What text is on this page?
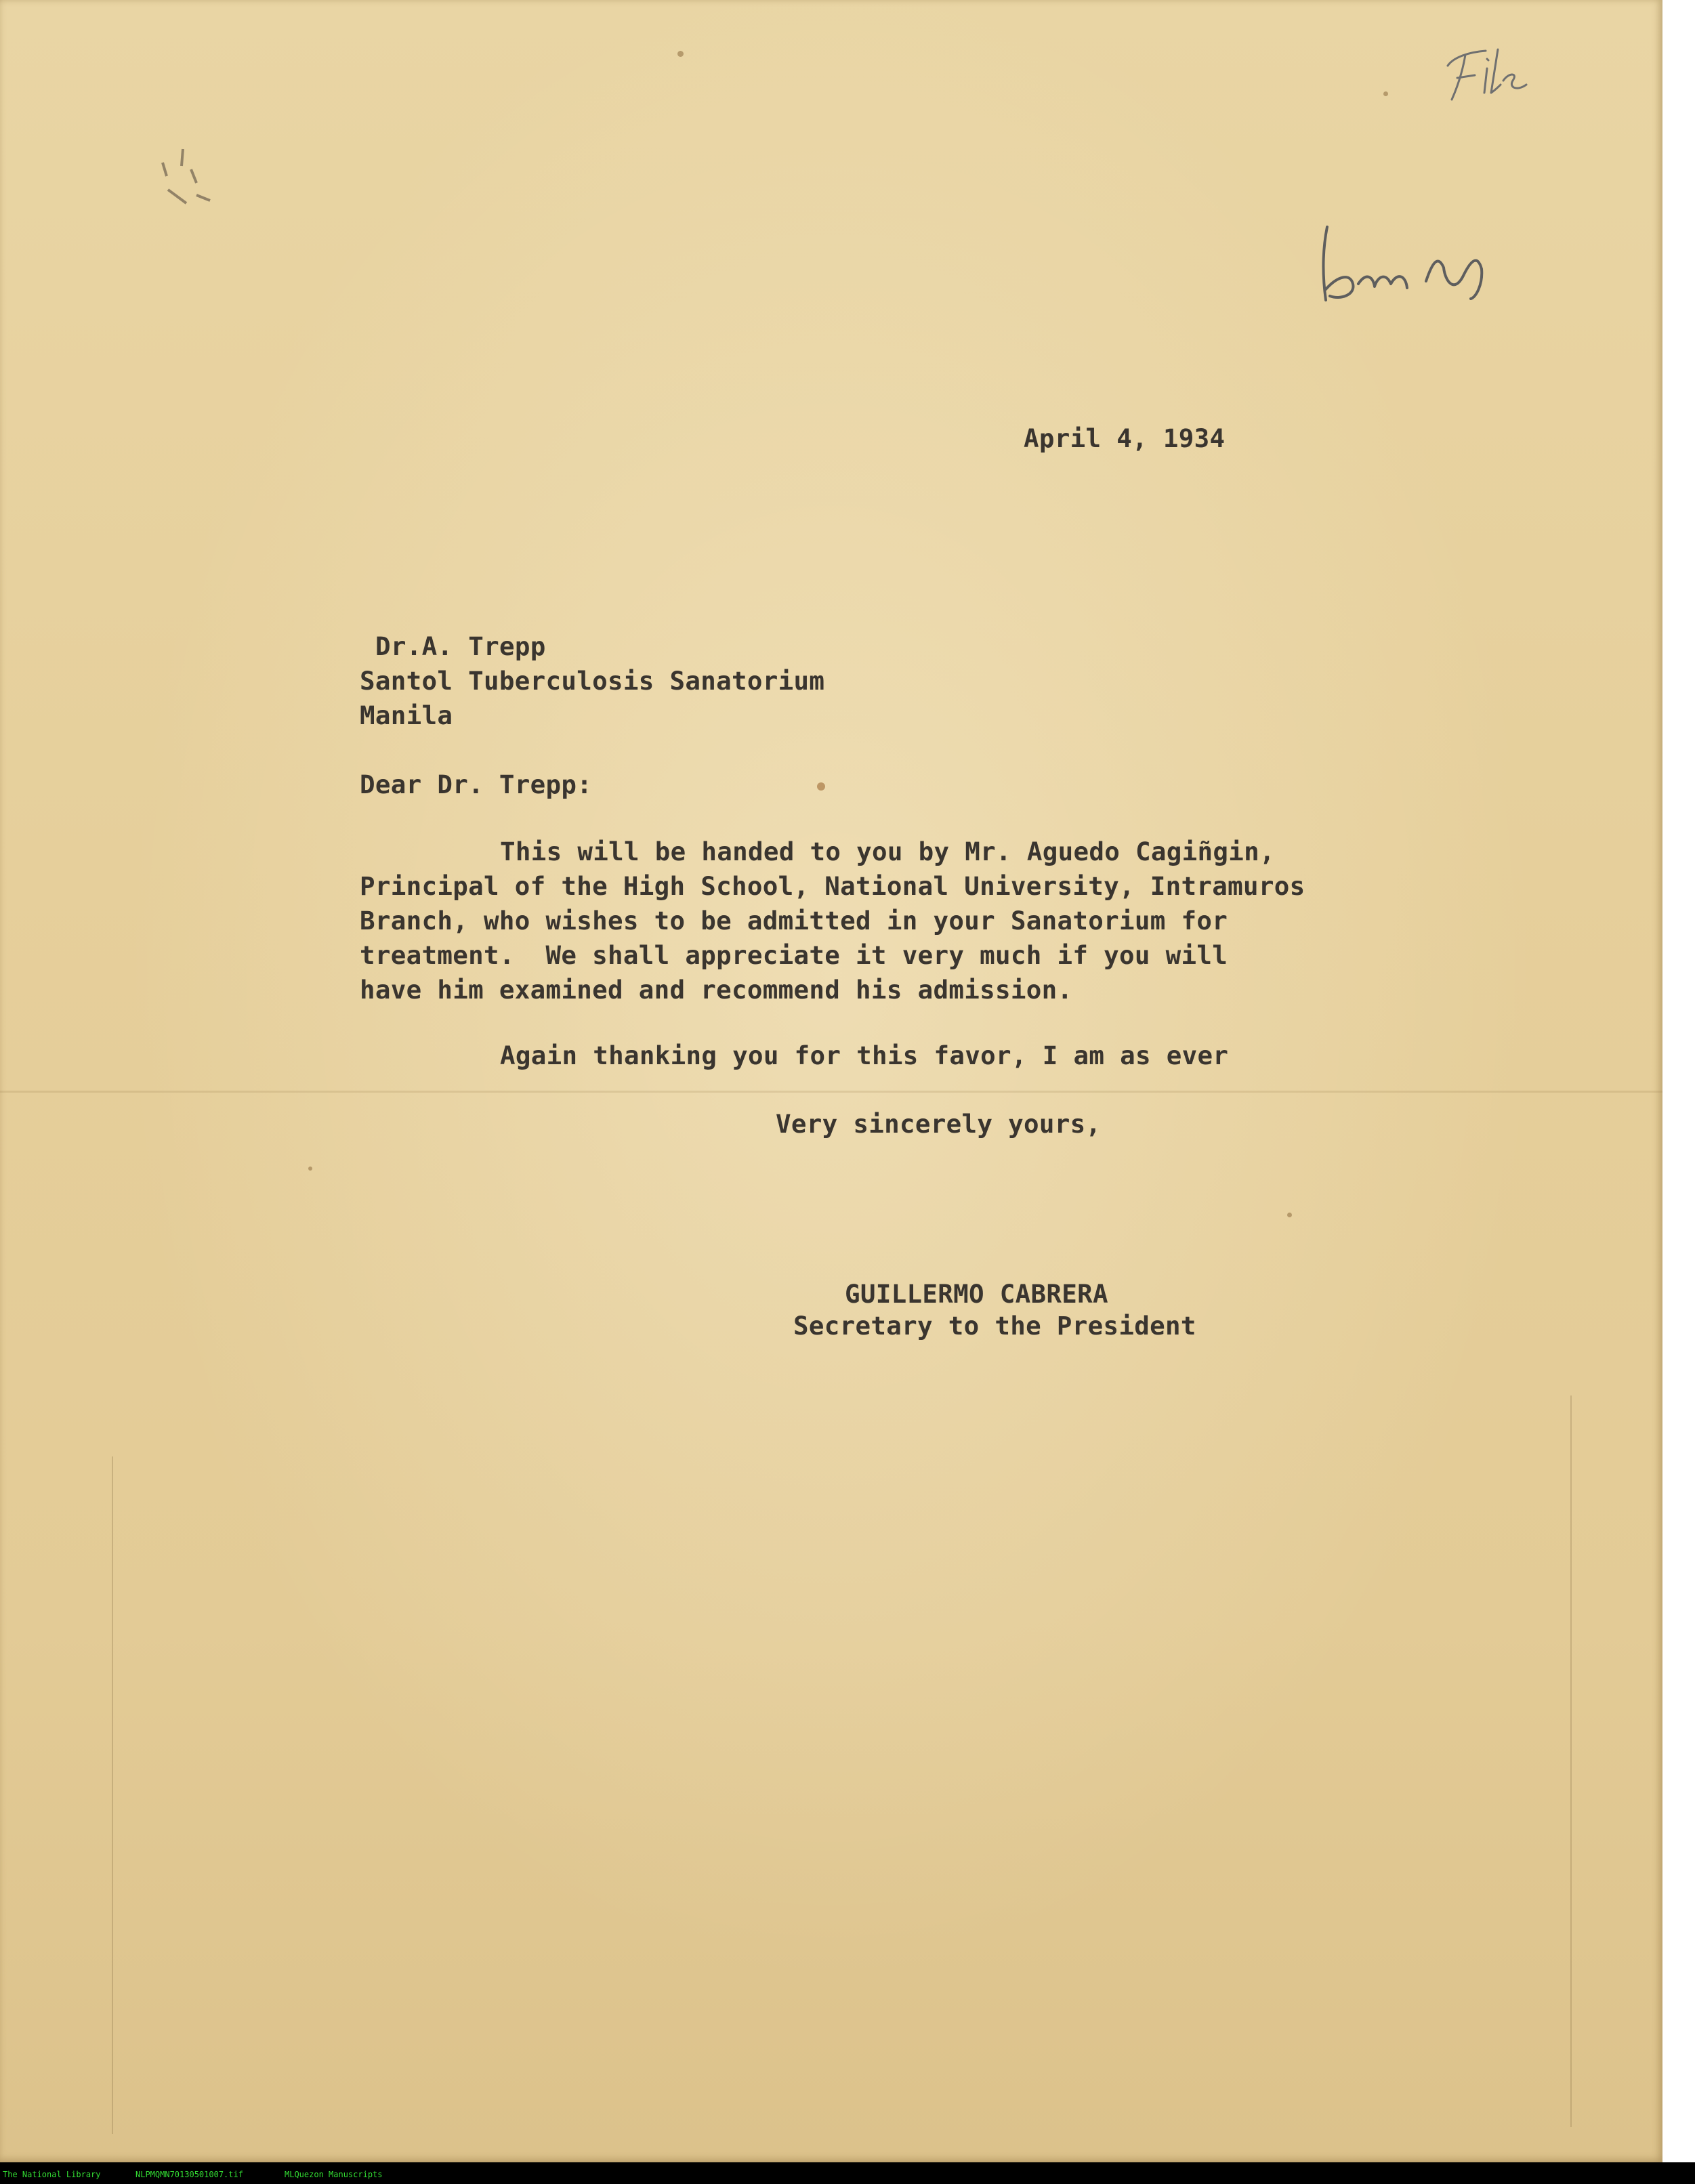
April 4, 1934

Dr.A. Trepp

Santol Tuberculosis Sanatorium

Manila

Dear Dr. Trepp:

This will be handed to you by Mr. Aguedo Cagiñgin,

Principal of the High School, National University, Intramuros

Branch, who wishes to be admitted in your Sanatorium for

treatment.  We shall appreciate it very much if you will

have him examined and recommend his admission.

Again thanking you for this favor, I am as ever

Very sincerely yours,

GUILLERMO CABRERA

Secretary to the President

The National Library	NLPMQMN70130501007.tif	MLQuezon Manuscripts
